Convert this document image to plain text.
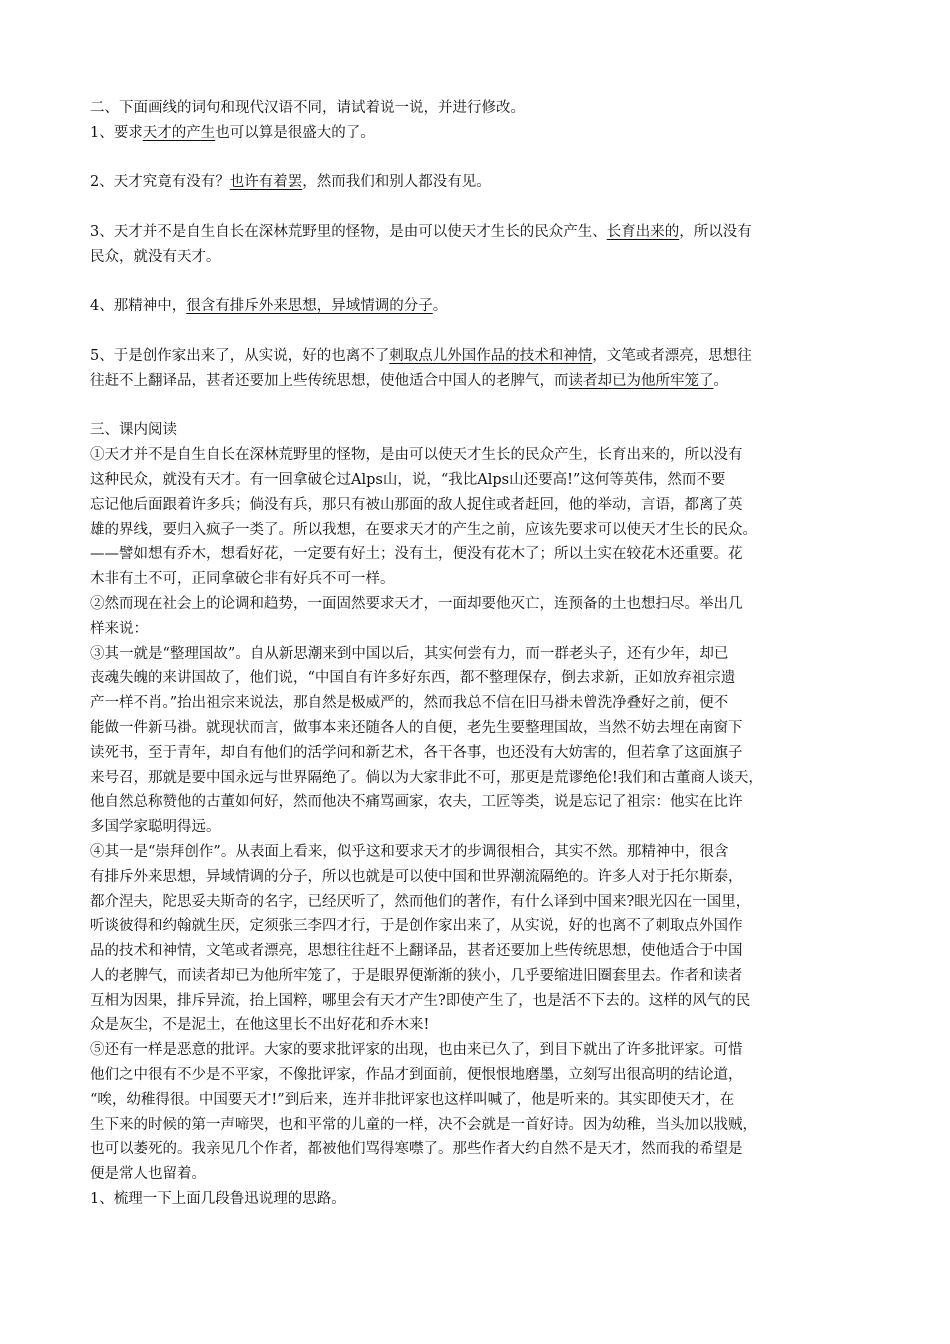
二、下面画线的词句和现代汉语不同，请试着说一说，并进行修改。
1、要求天才的产生也可以算是很盛大的了。
2、天才究竟有没有？也许有着罢，然而我们和别人都没有见。
3、天才并不是自生自长在深林荒野里的怪物，是由可以使天才生长的民众产生、长育出来的，所以没有
民众，就没有天才。
4、那精神中，很含有排斥外来思想，异域情调的分子。
5、于是创作家出来了，从实说，好的也离不了刺取点儿外国作品的技术和神情，文笔或者漂亮，思想往
往赶不上翻译品，甚者还要加上些传统思想，使他适合中国人的老脾气，而读者却已为他所牢笼了。
三、课内阅读
①天才并不是自生自长在深林荒野里的怪物，是由可以使天才生长的民众产生，长育出来的，所以没有
这种民众，就没有天才。有一回拿破仑过Alps山，说，“我比Alps山还要高!”这何等英伟，然而不要
忘记他后面跟着许多兵；倘没有兵，那只有被山那面的敌人捉住或者赶回，他的举动，言语，都离了英
雄的界线，要归入疯子一类了。所以我想，在要求天才的产生之前，应该先要求可以使天才生长的民众。
——譬如想有乔木，想看好花，一定要有好土；没有土，便没有花木了；所以土实在较花木还重要。花
木非有土不可，正同拿破仑非有好兵不可一样。
②然而现在社会上的论调和趋势，一面固然要求天才，一面却要他灭亡，连预备的土也想扫尽。举出几
样来说：
③其一就是“整理国故”。自从新思潮来到中国以后，其实何尝有力，而一群老头子，还有少年，却已
丧魂失魄的来讲国故了，他们说，“中国自有许多好东西，都不整理保存，倒去求新，正如放弃祖宗遗
产一样不肖。”抬出祖宗来说法，那自然是极威严的，然而我总不信在旧马褂未曾洗净叠好之前，便不
能做一件新马褂。就现状而言，做事本来还随各人的自便，老先生要整理国故，当然不妨去埋在南窗下
读死书，至于青年，却自有他们的活学问和新艺术，各干各事，也还没有大妨害的，但若拿了这面旗子
来号召，那就是要中国永远与世界隔绝了。倘以为大家非此不可，那更是荒谬绝伦!我们和古董商人谈天，
他自然总称赞他的古董如何好，然而他决不痛骂画家，农夫，工匠等类，说是忘记了祖宗：他实在比许
多国学家聪明得远。
④其一是“崇拜创作”。从表面上看来，似乎这和要求天才的步调很相合，其实不然。那精神中，很含
有排斥外来思想，异域情调的分子，所以也就是可以使中国和世界潮流隔绝的。许多人对于托尔斯泰，
都介涅夫，陀思妥夫斯奇的名字，已经厌听了，然而他们的著作，有什么译到中国来?眼光囚在一国里，
听谈彼得和约翰就生厌，定须张三李四才行，于是创作家出来了，从实说，好的也离不了刺取点外国作
品的技术和神情，文笔或者漂亮，思想往往赶不上翻译品，甚者还要加上些传统思想，使他适合于中国
人的老脾气，而读者却已为他所牢笼了，于是眼界便渐渐的狭小，几乎要缩进旧圈套里去。作者和读者
互相为因果，排斥异流，抬上国粹，哪里会有天才产生?即使产生了，也是活不下去的。这样的风气的民
众是灰尘，不是泥土，在他这里长不出好花和乔木来!
⑤还有一样是恶意的批评。大家的要求批评家的出现，也由来已久了，到目下就出了许多批评家。可惜
他们之中很有不少是不平家，不像批评家，作品才到面前，便恨恨地磨墨，立刻写出很高明的结论道，
“唉，幼稚得很。中国要天才!”到后来，连并非批评家也这样叫喊了，他是听来的。其实即使天才，在
生下来的时候的第一声啼哭，也和平常的儿童的一样，决不会就是一首好诗。因为幼稚，当头加以戕贼，
也可以萎死的。我亲见几个作者，都被他们骂得寒噤了。那些作者大约自然不是天才，然而我的希望是
便是常人也留着。
1、梳理一下上面几段鲁迅说理的思路。
